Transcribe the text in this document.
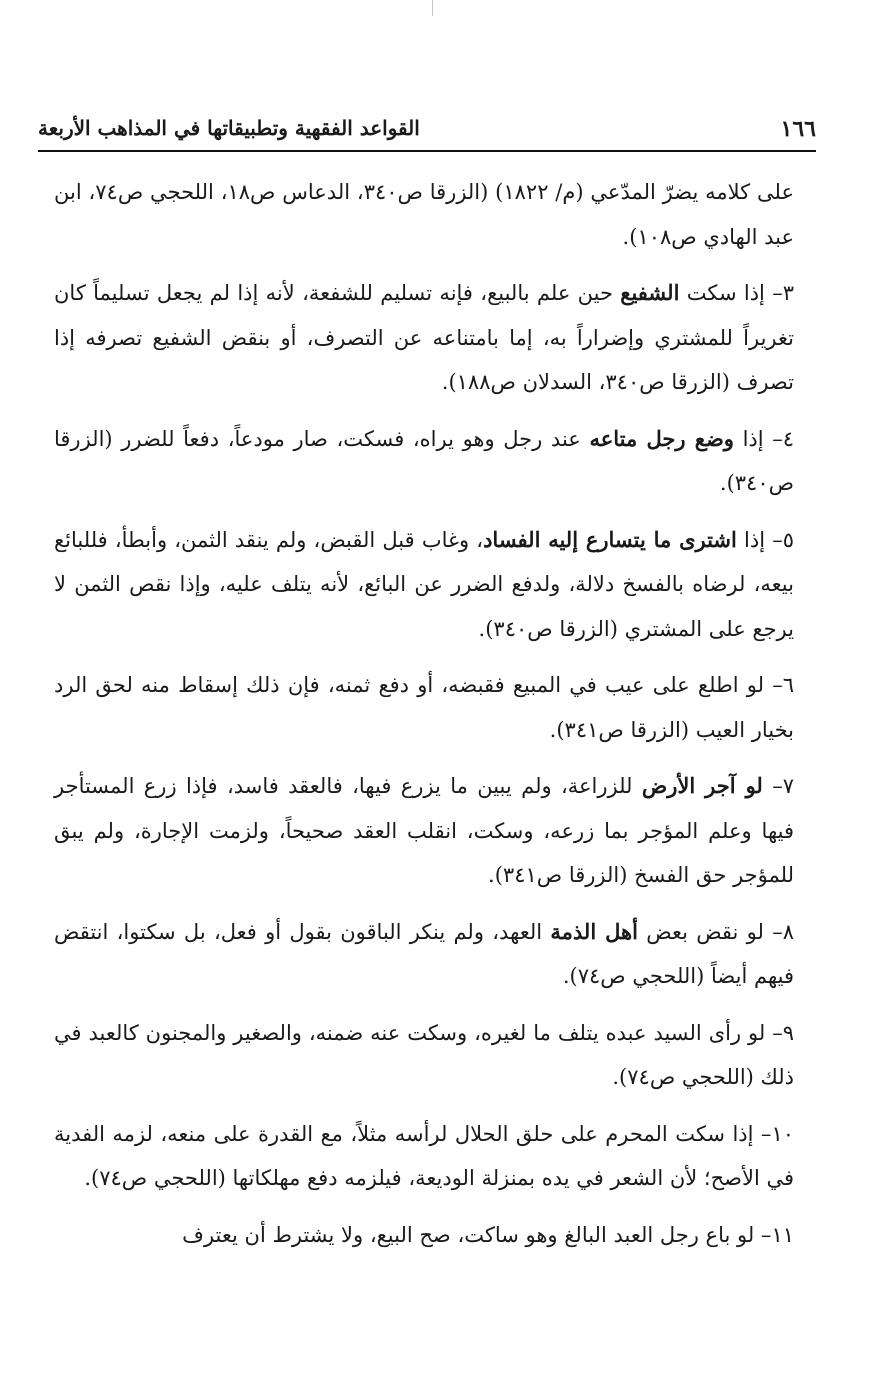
١٦٦
القواعد الفقهية وتطبيقاتها في المذاهب الأربعة

على كلامه يضرّ المدّعي (م/ ١٨٢٢) (الزرقا ص٣٤٠، الدعاس ص١٨، اللحجي ص٧٤، ابن عبد الهادي ص١٠٨).

٣– إذا سكت الشفيع حين علم بالبيع، فإنه تسليم للشفعة، لأنه إذا لم يجعل تسليماً كان تغريراً للمشتري وإضراراً به، إما بامتناعه عن التصرف، أو بنقض الشفيع تصرفه إذا تصرف (الزرقا ص٣٤٠، السدلان ص١٨٨).

٤– إذا وضع رجل متاعه عند رجل وهو يراه، فسكت، صار مودعاً، دفعاً للضرر (الزرقا ص٣٤٠).

٥– إذا اشترى ما يتسارع إليه الفساد، وغاب قبل القبض، ولم ينقد الثمن، وأبطأ، فللبائع بيعه، لرضاه بالفسخ دلالة، ولدفع الضرر عن البائع، لأنه يتلف عليه، وإذا نقص الثمن لا يرجع على المشتري (الزرقا ص٣٤٠).

٦– لو اطلع على عيب في المبيع فقبضه، أو دفع ثمنه، فإن ذلك إسقاط منه لحق الرد بخيار العيب (الزرقا ص٣٤١).

٧– لو آجر الأرض للزراعة، ولم يبين ما يزرع فيها، فالعقد فاسد، فإذا زرع المستأجر فيها وعلم المؤجر بما زرعه، وسكت، انقلب العقد صحيحاً، ولزمت الإجارة، ولم يبق للمؤجر حق الفسخ (الزرقا ص٣٤١).

٨– لو نقض بعض أهل الذمة العهد، ولم ينكر الباقون بقول أو فعل، بل سكتوا، انتقض فيهم أيضاً (اللحجي ص٧٤).

٩– لو رأى السيد عبده يتلف ما لغيره، وسكت عنه ضمنه، والصغير والمجنون كالعبد في ذلك (اللحجي ص٧٤).

١٠– إذا سكت المحرم على حلق الحلال لرأسه مثلاً، مع القدرة على منعه، لزمه الفدية في الأصح؛ لأن الشعر في يده بمنزلة الوديعة، فيلزمه دفع مهلكاتها (اللحجي ص٧٤).

١١– لو باع رجل العبد البالغ وهو ساكت، صح البيع، ولا يشترط أن يعترف
